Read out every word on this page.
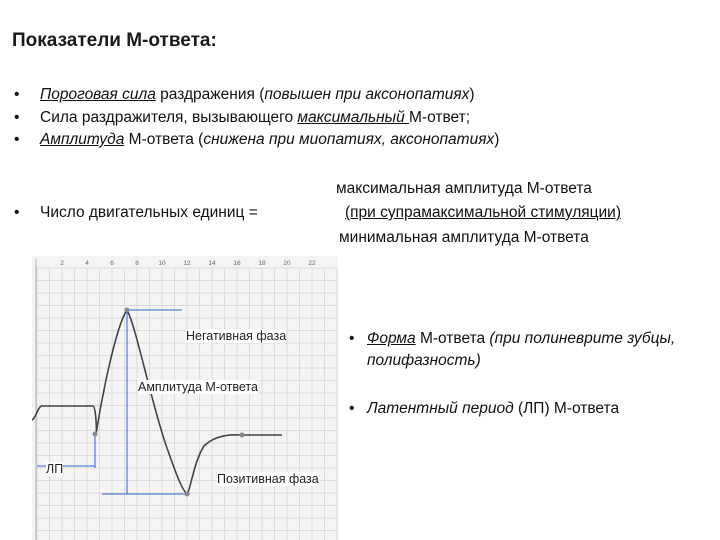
Показатели М-ответа:
• Пороговая сила раздражения (повышен при аксонопатиях)
• Сила раздражителя, вызывающего максимальный М-ответ;
• Амплитуда М-ответа (снижена при миопатиях, аксонопатиях)
максимальная амплитуда М-ответа
• Число двигательных единиц =	(при супрамаксимальной стимуляции)
минимальная амплитуда М-ответа
2	4	6	8	10	12	14	16	18	20	22
Негативная фаза
Амплитуда М-ответа
ЛП
Позитивная фаза
• Форма М-ответа (при полиневрите зубцы, полифазность)
• Латентный период (ЛП) М-ответа
